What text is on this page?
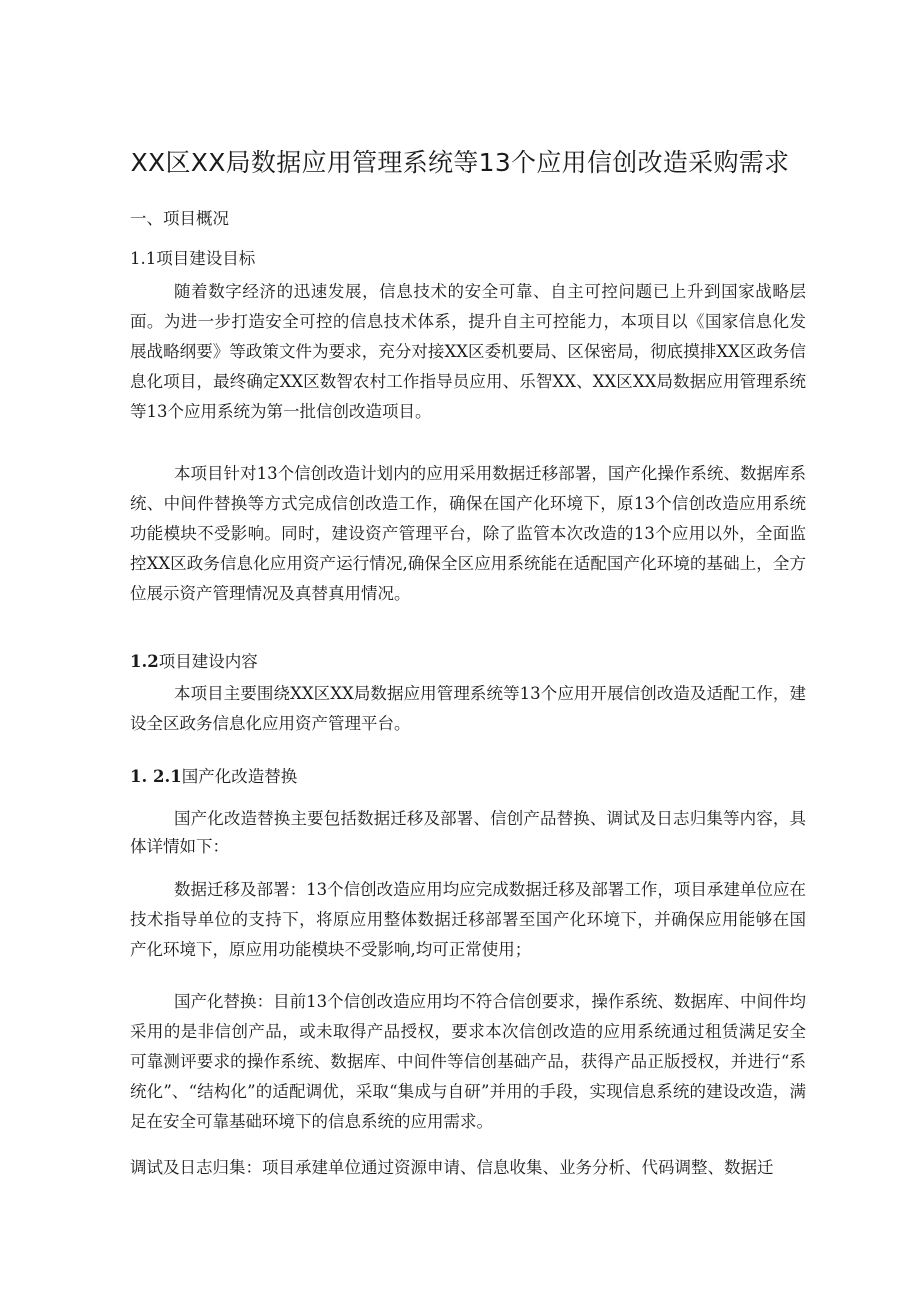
XX区XX局数据应用管理系统等13个应用信创改造采购需求
一、项目概况
1.1项目建设目标

随着数字经济的迅速发展，信息技术的安全可靠、自主可控问题已上升到国家战略层面。为进一步打造安全可控的信息技术体系，提升自主可控能力，本项目以《国家信息化发展战略纲要》等政策文件为要求，充分对接XX区委机要局、区保密局，彻底摸排XX区政务信息化项目，最终确定XX区数智农村工作指导员应用、乐智XX、XX区XX局数据应用管理系统等13个应用系统为第一批信创改造项目。

本项目针对13个信创改造计划内的应用采用数据迁移部署，国产化操作系统、数据库系统、中间件替换等方式完成信创改造工作，确保在国产化环境下，原13个信创改造应用系统功能模块不受影响。同时，建设资产管理平台，除了监管本次改造的13个应用以外，全面监控XX区政务信息化应用资产运行情况,确保全区应用系统能在适配国产化环境的基础上，全方位展示资产管理情况及真替真用情况。

1.2项目建设内容

本项目主要围绕XX区XX局数据应用管理系统等13个应用开展信创改造及适配工作，建设全区政务信息化应用资产管理平台。

1. 2.1国产化改造替换

国产化改造替换主要包括数据迁移及部署、信创产品替换、调试及日志归集等内容，具体详情如下：

数据迁移及部署：13个信创改造应用均应完成数据迁移及部署工作，项目承建单位应在技术指导单位的支持下，将原应用整体数据迁移部署至国产化环境下，并确保应用能够在国产化环境下，原应用功能模块不受影响,均可正常使用；

国产化替换：目前13个信创改造应用均不符合信创要求，操作系统、数据库、中间件均采用的是非信创产品，或未取得产品授权，要求本次信创改造的应用系统通过租赁满足安全可靠测评要求的操作系统、数据库、中间件等信创基础产品，获得产品正版授权，并进行“系统化”、“结构化”的适配调优，采取“集成与自研”并用的手段，实现信息系统的建设改造，满足在安全可靠基础环境下的信息系统的应用需求。

调试及日志归集：项目承建单位通过资源申请、信息收集、业务分析、代码调整、数据迁
